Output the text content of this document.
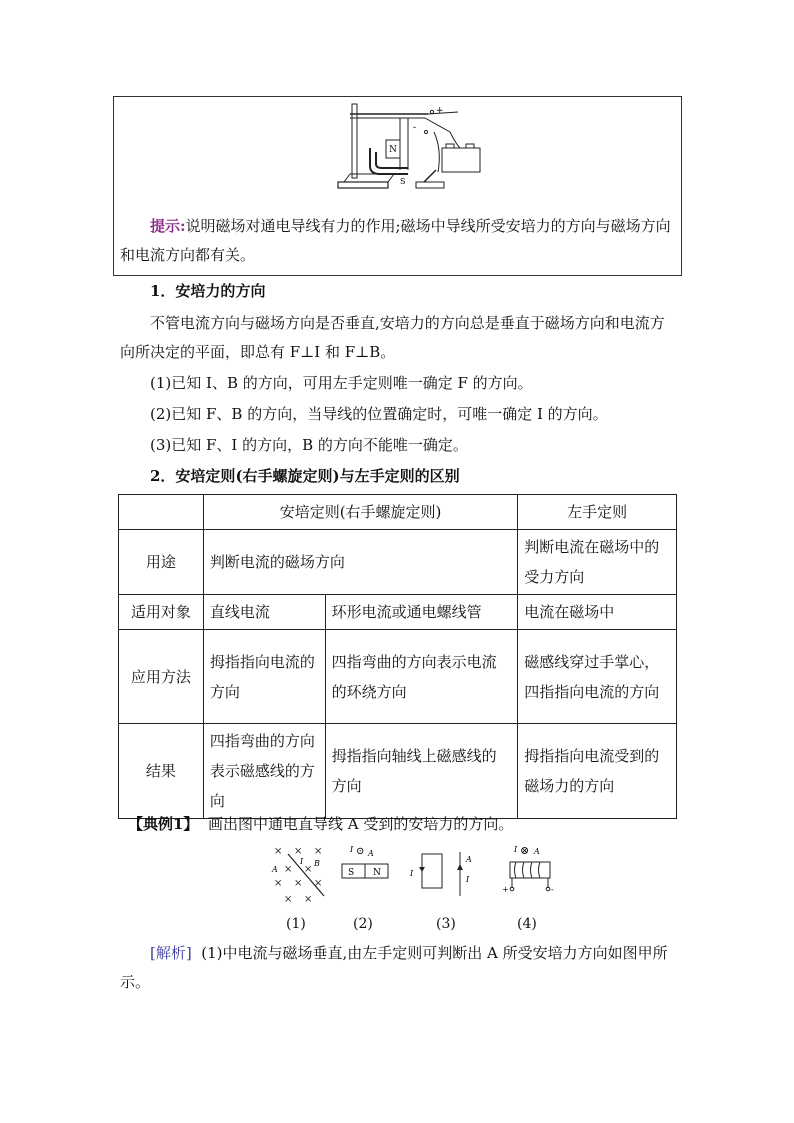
N
S
+
-
提示:说明磁场对通电导线有力的作用;磁场中导线所受安培力的方向与磁场方向和电流方向都有关。
1．安培力的方向
不管电流方向与磁场方向是否垂直,安培力的方向总是垂直于磁场方向和电流方向所决定的平面，即总有 F⊥I 和 F⊥B。
(1)已知 I、B 的方向，可用左手定则唯一确定 F 的方向。
(2)已知 F、B 的方向，当导线的位置确定时，可唯一确定 I 的方向。
(3)已知 F、I 的方向，B 的方向不能唯一确定。
2．安培定则(右手螺旋定则)与左手定则的区别
	安培定则(右手螺旋定则)		左手定则
用途	判断电流的磁场方向		判断电流在磁场中的受力方向
适用对象	直线电流	环形电流或通电螺线管	电流在磁场中
应用方法	拇指指向电流的方向	四指弯曲的方向表示电流的环绕方向	磁感线穿过手掌心，四指指向电流的方向
结果	四指弯曲的方向表示磁感线的方向	拇指指向轴线上磁感线的方向	拇指指向电流受到的磁场力的方向
【典例1】 画出图中通电直导线 A 受到的安培力的方向。
× × ×
× ×
× × ×
× ×
A
I B
I ⊙ A
S N	I
A
I
I ⊗ A
+	-
(1)	(2)	(3)	(4)
[解析] (1)中电流与磁场垂直,由左手定则可判断出 A 所受安培力方向如图甲所示。
